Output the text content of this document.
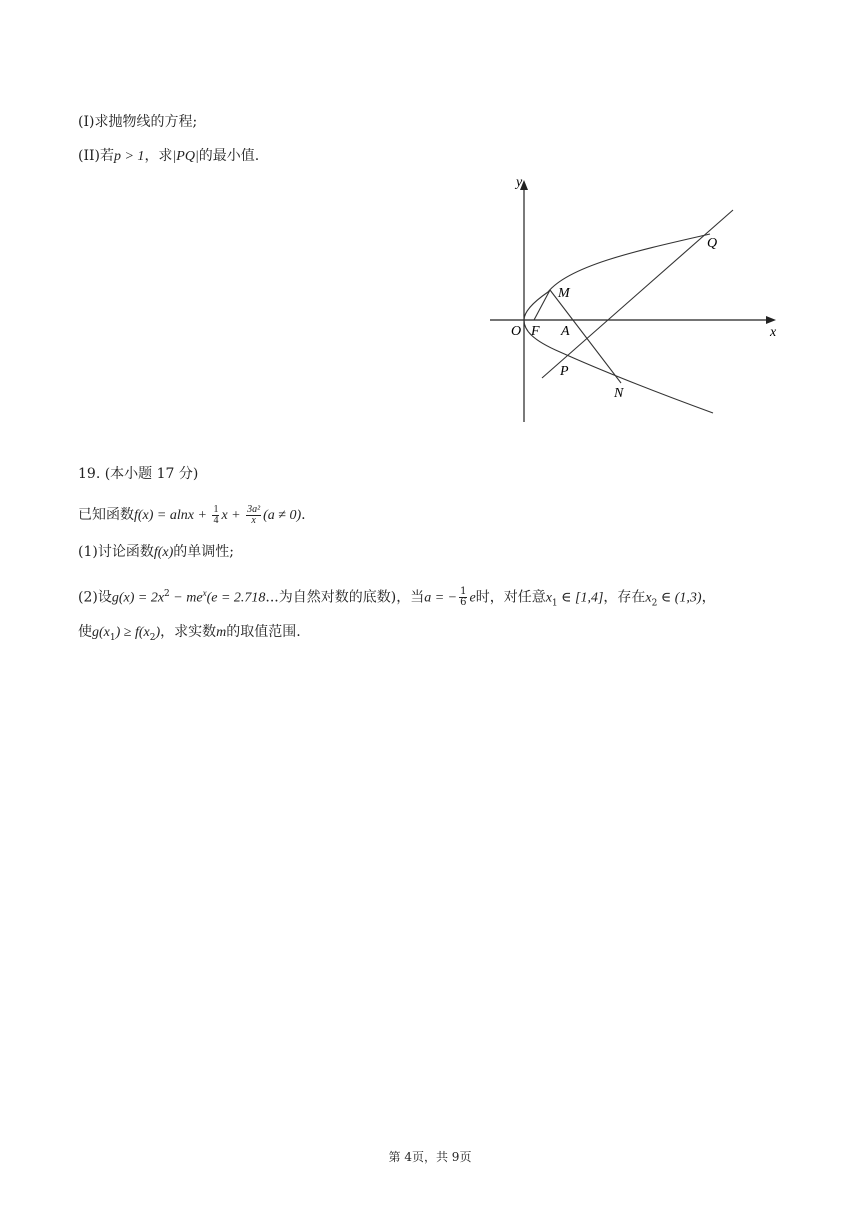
(I)求抛物线的方程;
(II)若p > 1，求|PQ|的最小值.
y
x
O F A
M
P
N
Q
19. (本小题 17 分)
已知函数$f(x) = alnx + \frac{1}{4}$ $x + \frac{\text{3a²}}{x} (a \ne 0)$.
(1)讨论函数f(x)的单调性;
(2)设$g(x) = 2x^2 - me^x(e = 2.718$...为自然对数的底数)，当a = − $\frac{1}{6}$ e时，对任意$x_1$ ∈ [1,4]，存在$x_2$ ∈ (1,3)，
使$g(x_1) \ge f(x_2)$，求实数m的取值范围.
第 4页，共 9页
